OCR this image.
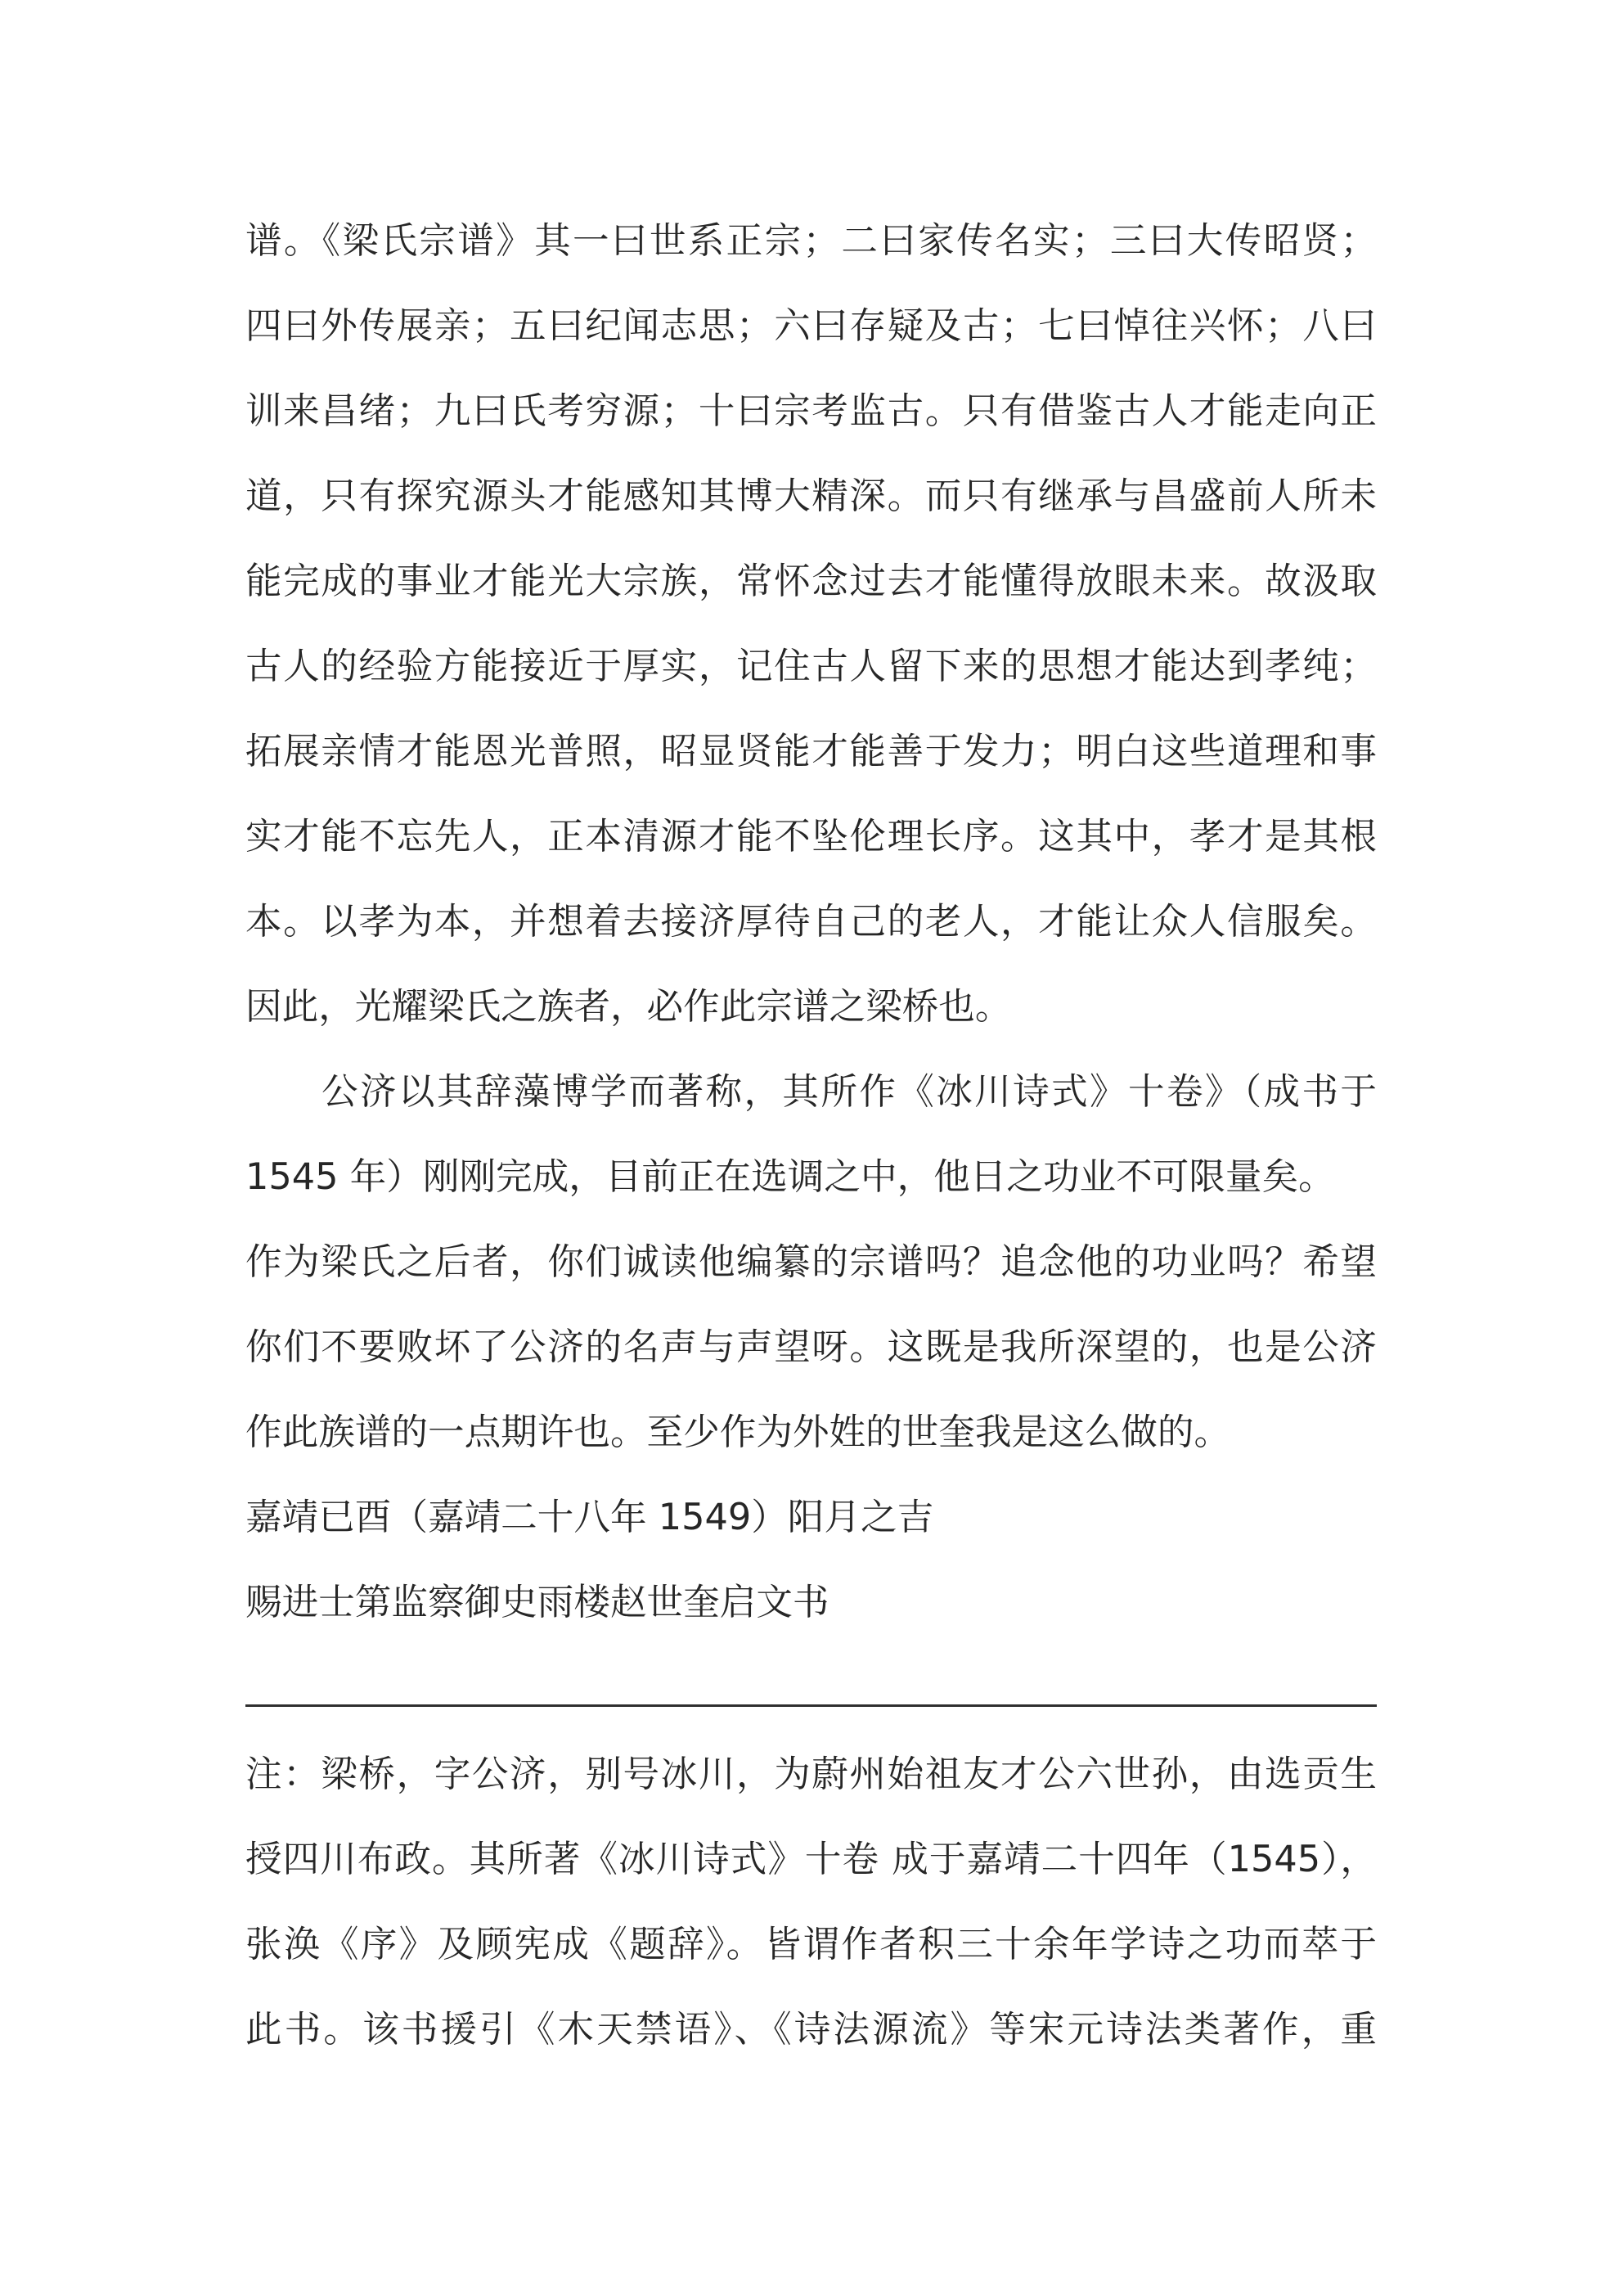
谱。《梁氏宗谱》其一曰世系正宗；二曰家传名实；三曰大传昭贤；
四曰外传展亲；五曰纪闻志思；六曰存疑及古；七曰悼往兴怀；八曰
训来昌绪；九曰氏考穷源；十曰宗考监古。只有借鉴古人才能走向正
道，只有探究源头才能感知其博大精深。而只有继承与昌盛前人所未
能完成的事业才能光大宗族，常怀念过去才能懂得放眼未来。故汲取
古人的经验方能接近于厚实，记住古人留下来的思想才能达到孝纯；
拓展亲情才能恩光普照，昭显贤能才能善于发力；明白这些道理和事
实才能不忘先人，正本清源才能不坠伦理长序。这其中，孝才是其根
本。以孝为本，并想着去接济厚待自己的老人，才能让众人信服矣。
因此，光耀梁氏之族者，必作此宗谱之梁桥也。
公济以其辞藻博学而著称，其所作《冰川诗式》十卷》（成书于
1545 年）刚刚完成，目前正在选调之中，他日之功业不可限量矣。
作为梁氏之后者，你们诚读他编纂的宗谱吗？追念他的功业吗？希望
你们不要败坏了公济的名声与声望呀。这既是我所深望的，也是公济
作此族谱的一点期许也。至少作为外姓的世奎我是这么做的。
嘉靖已酉（嘉靖二十八年 1549）阳月之吉
赐进士第监察御史雨楼赵世奎启文书
注：梁桥，字公济，别号冰川，为蔚州始祖友才公六世孙，由选贡生
授四川布政。其所著《冰川诗式》十卷 成于嘉靖二十四年（1545），
张涣《序》及顾宪成《题辞》。皆谓作者积三十余年学诗之功而萃于
此书。该书援引《木天禁语》、《诗法源流》等宋元诗法类著作，重
